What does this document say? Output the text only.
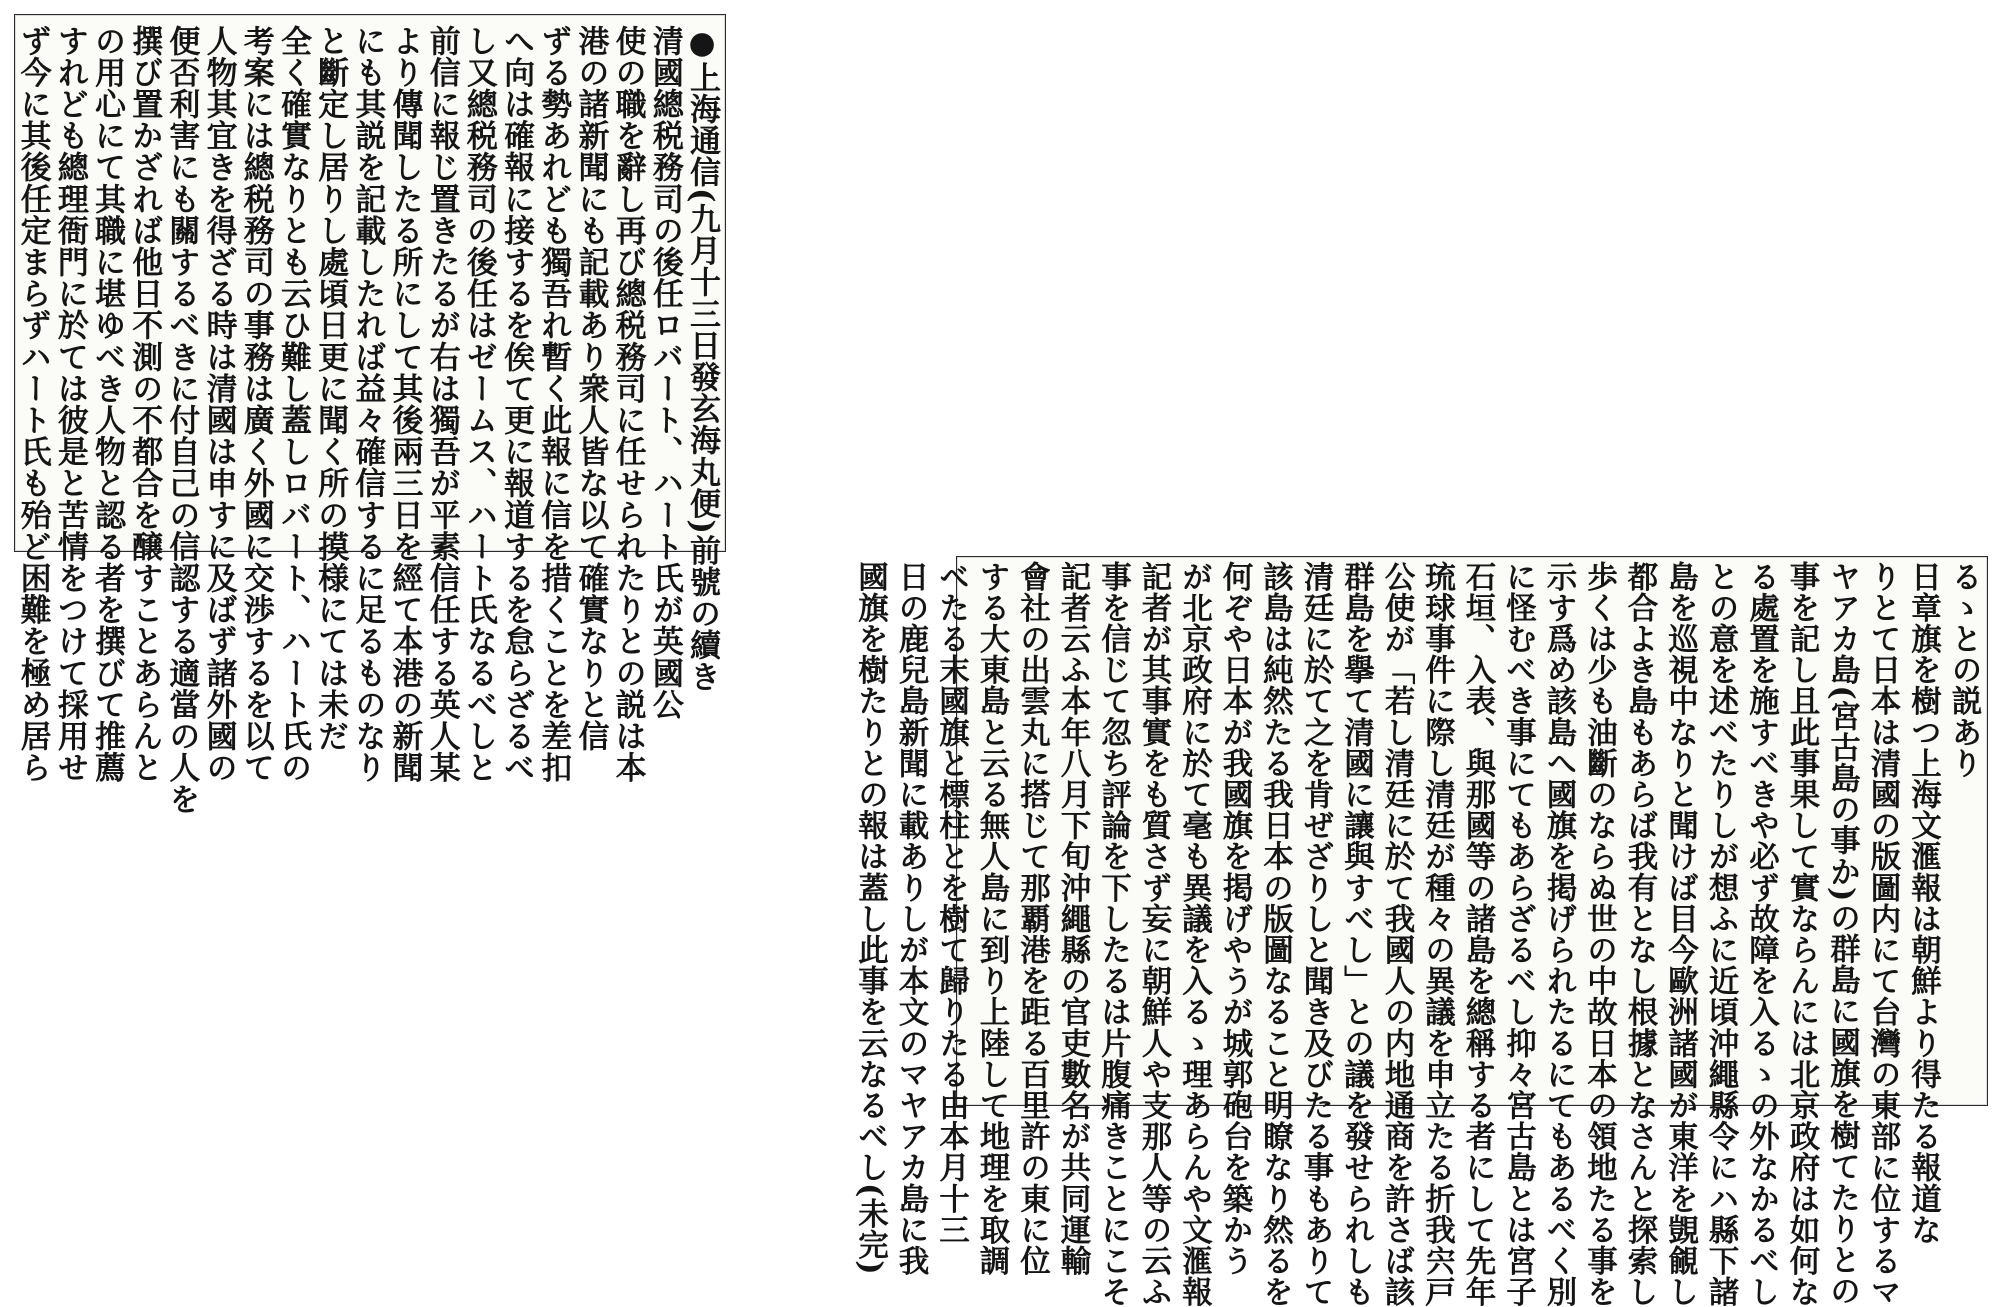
●上海通信(九月十三日發玄海丸便)前號の續き
清國總税務司の後任ロバート、ハート氏が英國公
使の職を辭し再び總税務司に任せられたりとの説は本
港の諸新聞にも記載あり衆人皆な以て確實なりと信
ずる勢あれども獨吾れ暫く此報に信を措くことを差扣
へ向は確報に接するを俟て更に報道するを怠らざるべ
し又總税務司の後任はゼームス、ハート氏なるべしと
前信に報じ置きたるが右は獨吾が平素信任する英人某
より傳聞したる所にして其後兩三日を經て本港の新聞
にも其説を記載したれば益々確信するに足るものなり
と斷定し居りし處頃日更に聞く所の摸様にては未だ
全く確實なりとも云ひ難し蓋しロバート、ハート氏の
考案には總税務司の事務は廣く外國に交渉するを以て
人物其宜きを得ざる時は清國は申すに及ばず諸外國の
便否利害にも關するべきに付自己の信認する適當の人を
撰び置かざれば他日不測の不都合を醸すことあらんと
の用心にて其職に堪ゆべき人物と認る者を撰びて推薦
すれども總理衙門に於ては彼是と苦情をつけて採用せ
ず今に其後任定まらずハート氏も殆ど困難を極め居ら	るゝとの説あり
日章旗を樹つ上海文滙報は朝鮮より得たる報道な
りとて日本は清國の版圖内にて台灣の東部に位するマ
ヤアカ島(宮古島の事か)の群島に國旗を樹てたりとの
事を記し且此事果して實ならんには北京政府は如何な
る處置を施すべきや必ず故障を入るゝの外なかるべし
との意を述べたりしが想ふに近頃沖繩縣令にハ縣下諸
島を巡視中なりと聞けば目今歐洲諸國が東洋を覬覦し
都合よき島もあらば我有となし根據となさんと探索し
歩くは少も油斷のならぬ世の中故日本の領地たる事を
示す爲め該島へ國旗を掲げられたるにてもあるべく別
に怪むべき事にてもあらざるべし抑々宮古島とは宮子
石垣、入表、與那國等の諸島を總稱する者にして先年
琉球事件に際し清廷が種々の異議を申立たる折我宍戸
公使が「若し清廷に於て我國人の内地通商を許さば該
群島を擧て清國に讓與すべし」との議を發せられしも
清廷に於て之を肯ぜざりしと聞き及びたる事もありて
該島は純然たる我日本の版圖なること明瞭なり然るを
何ぞや日本が我國旗を掲げやうが城郭砲台を築かう
が北京政府に於て毫も異議を入るゝ理あらんや文滙報
記者が其事實をも質さず妄に朝鮮人や支那人等の云ふ
事を信じて忽ち評論を下したるは片腹痛きことにこそ
記者云ふ本年八月下旬沖繩縣の官吏數名が共同運輸
會社の出雲丸に搭じて那覇港を距る百里許の東に位
する大東島と云る無人島に到り上陸して地理を取調
べたる末國旗と標柱とを樹て歸りたる由本月十三
日の鹿兒島新聞に載ありしが本文のマヤアカ島に我
國旗を樹たりとの報は蓋し此事を云なるべし(未完)
